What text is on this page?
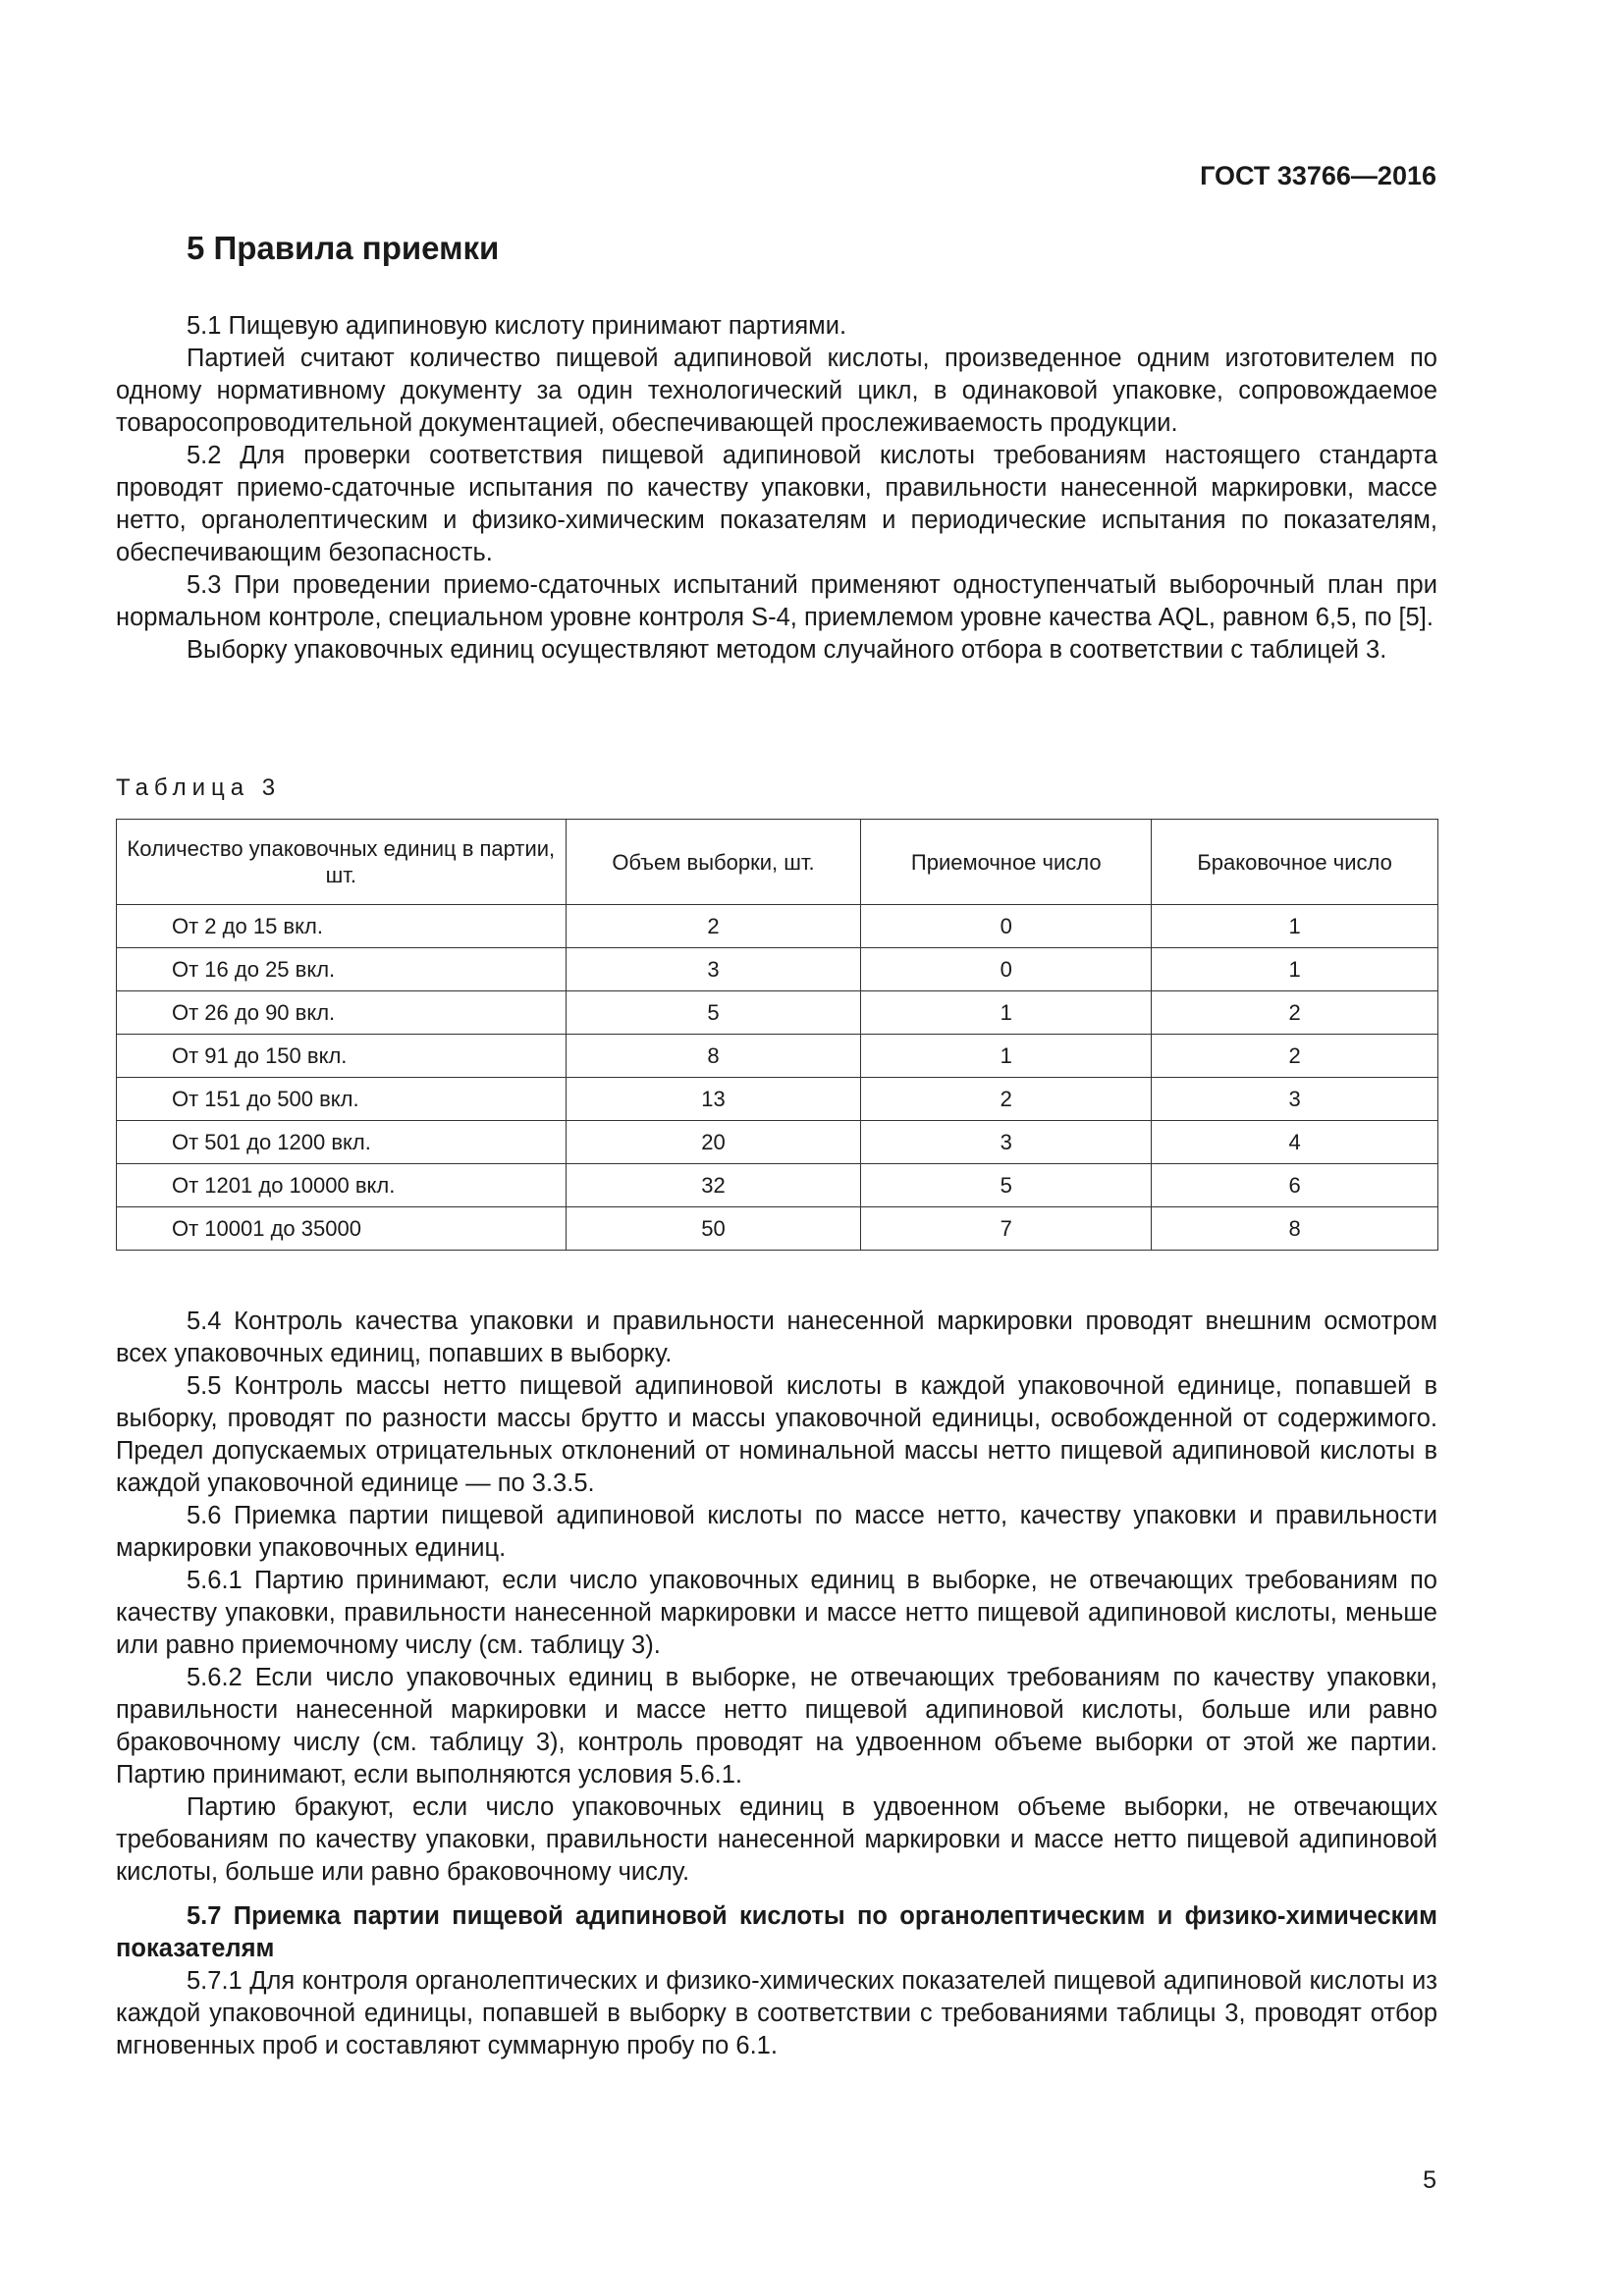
ГОСТ 33766—2016
5 Правила приемки

5.1 Пищевую адипиновую кислоту принимают партиями.

Партией считают количество пищевой адипиновой кислоты, произведенное одним изготовителем по одному нормативному документу за один технологический цикл, в одинаковой упаковке, сопровождаемое товаросопроводительной документацией, обеспечивающей прослеживаемость продукции.

5.2 Для проверки соответствия пищевой адипиновой кислоты требованиям настоящего стандарта проводят приемо-сдаточные испытания по качеству упаковки, правильности нанесенной маркировки, массе нетто, органолептическим и физико-химическим показателям и периодические испытания по показателям, обеспечивающим безопасность.

5.3 При проведении приемо-сдаточных испытаний применяют одноступенчатый выборочный план при нормальном контроле, специальном уровне контроля S-4, приемлемом уровне качества AQL, равном 6,5, по [5].

Выборку упаковочных единиц осуществляют методом случайного отбора в соответствии с таблицей 3.

Таблица 3
Количество упаковочных единиц в партии, шт.	Объем выборки, шт.	Приемочное число	Браковочное число
От 2 до 15 вкл.	2	0	1
От 16 до 25 вкл.	3	0	1
От 26 до 90 вкл.	5	1	2
От 91 до 150 вкл.	8	1	2
От 151 до 500 вкл.	13	2	3
От 501 до 1200 вкл.	20	3	4
От 1201 до 10000 вкл.	32	5	6
От 10001 до 35000	50	7	8

5.4 Контроль качества упаковки и правильности нанесенной маркировки проводят внешним осмотром всех упаковочных единиц, попавших в выборку.

5.5 Контроль массы нетто пищевой адипиновой кислоты в каждой упаковочной единице, попавшей в выборку, проводят по разности массы брутто и массы упаковочной единицы, освобожденной от содержимого. Предел допускаемых отрицательных отклонений от номинальной массы нетто пищевой адипиновой кислоты в каждой упаковочной единице — по 3.3.5.

5.6 Приемка партии пищевой адипиновой кислоты по массе нетто, качеству упаковки и правильности маркировки упаковочных единиц.

5.6.1 Партию принимают, если число упаковочных единиц в выборке, не отвечающих требованиям по качеству упаковки, правильности нанесенной маркировки и массе нетто пищевой адипиновой кислоты, меньше или равно приемочному числу (см. таблицу 3).

5.6.2 Если число упаковочных единиц в выборке, не отвечающих требованиям по качеству упаковки, правильности нанесенной маркировки и массе нетто пищевой адипиновой кислоты, больше или равно браковочному числу (см. таблицу 3), контроль проводят на удвоенном объеме выборки от этой же партии. Партию принимают, если выполняются условия 5.6.1.

Партию бракуют, если число упаковочных единиц в удвоенном объеме выборки, не отвечающих требованиям по качеству упаковки, правильности нанесенной маркировки и массе нетто пищевой адипиновой кислоты, больше или равно браковочному числу.

5.7 Приемка партии пищевой адипиновой кислоты по органолептическим и физико-химическим показателям

5.7.1 Для контроля органолептических и физико-химических показателей пищевой адипиновой кислоты из каждой упаковочной единицы, попавшей в выборку в соответствии с требованиями таблицы 3, проводят отбор мгновенных проб и составляют суммарную пробу по 6.1.

5
